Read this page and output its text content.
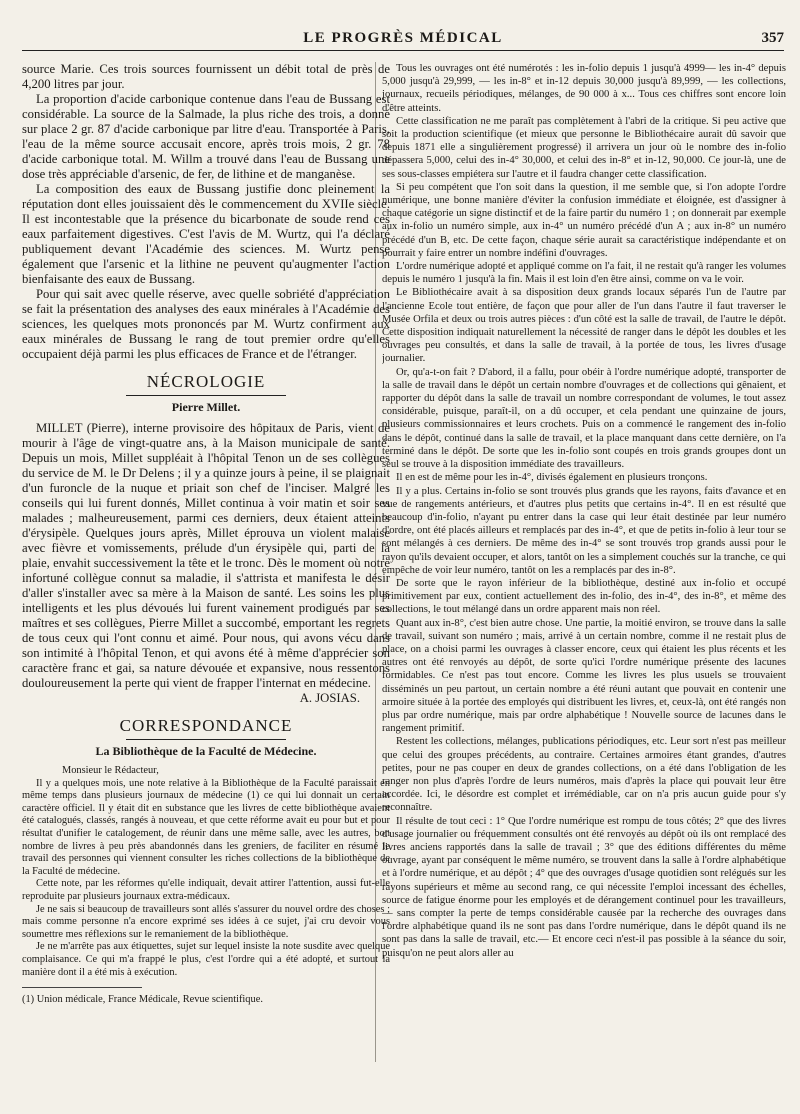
LE PROGRÈS MÉDICAL	357

source Marie. Ces trois sources fournissent un débit total de près de 4,200 litres par jour.

La proportion d'acide carbonique contenue dans l'eau de Bussang est considérable. La source de la Salmade, la plus riche des trois, a donné sur place 2 gr. 87 d'acide carbonique par litre d'eau. Transportée à Paris, l'eau de la même source accusait encore, après trois mois, 2 gr. 78 d'acide carbonique total. M. Willm a trouvé dans l'eau de Bussang une dose très appréciable d'arsenic, de fer, de lithine et de manganèse.

La composition des eaux de Bussang justifie donc pleinement la réputation dont elles jouissaient dès le commencement du XVIIe siècle. Il est incontestable que la présence du bicarbonate de soude rend ces eaux parfaitement digestives. C'est l'avis de M. Wurtz, qui l'a déclaré publiquement devant l'Académie des sciences. M. Wurtz pense également que l'arsenic et la lithine ne peuvent qu'augmenter l'action bienfaisante des eaux de Bussang.

Pour qui sait avec quelle réserve, avec quelle sobriété d'appréciation se fait la présentation des analyses des eaux minérales à l'Académie des sciences, les quelques mots prononcés par M. Wurtz confirment aux eaux minérales de Bussang le rang de tout premier ordre qu'elles occupaient déjà parmi les plus efficaces de France et de l'étranger.

NÉCROLOGIE
Pierre Millet.

MILLET (Pierre), interne provisoire des hôpitaux de Paris, vient de mourir à l'âge de vingt-quatre ans, à la Maison municipale de santé. Depuis un mois, Millet suppléait à l'hôpital Tenon un de ses collègues du service de M. le Dr Delens ; il y a quinze jours à peine, il se plaignait d'un furoncle de la nuque et priait son chef de l'inciser. Malgré les conseils qui lui furent donnés, Millet continua à voir matin et soir ses malades ; malheureusement, parmi ces derniers, deux étaient atteints d'érysipèle. Quelques jours après, Millet éprouva un violent malaise avec fièvre et vomissements, prélude d'un érysipèle qui, parti de la plaie, envahit successivement la tête et le tronc. Dès le moment où notre infortuné collègue connut sa maladie, il s'attrista et manifesta le désir d'aller s'installer avec sa mère à la Maison de santé. Les soins les plus intelligents et les plus dévoués lui furent vainement prodigués par ses maîtres et ses collègues, Pierre Millet a succombé, emportant les regrets de tous ceux qui l'ont connu et aimé. Pour nous, qui avons vécu dans son intimité à l'hôpital Tenon, et qui avons été à même d'apprécier son caractère franc et gai, sa nature dévouée et expansive, nous ressentons douloureusement la perte qui vient de frapper l'internat en médecine.

A. JOSIAS.

CORRESPONDANCE
La Bibliothèque de la Faculté de Médecine.

Monsieur le Rédacteur,

Il y a quelques mois, une note relative à la Bibliothèque de la Faculté paraissait en même temps dans plusieurs journaux de médecine (1) ce qui lui donnait un certain caractère officiel. Il y était dit en substance que les livres de cette bibliothèque avaient été catalogués, classés, rangés à nouveau, et que cette réforme avait eu pour but et pour résultat d'unifier le catalogement, de réunir dans une même salle, avec les autres, bon nombre de livres à peu près abandonnés dans les greniers, de faciliter en résumé le travail des personnes qui viennent consulter les riches collections de la bibliothèque de la Faculté de médecine.

Cette note, par les réformes qu'elle indiquait, devait attirer l'attention, aussi fut-elle reproduite par plusieurs journaux extra-médicaux.

Je ne sais si beaucoup de travailleurs sont allés s'assurer du nouvel ordre des choses ; mais comme personne n'a encore exprimé ses idées à ce sujet, j'ai cru devoir vous soumettre mes réflexions sur le remaniement de la bibliothèque.

Je ne m'arrête pas aux étiquettes, sujet sur lequel insiste la note susdite avec quelque complaisance. Ce qui m'a frappé le plus, c'est l'ordre qui a été adopté, et surtout la manière dont il a été mis à exécution.

(1) Union médicale, France Médicale, Revue scientifique.

Tous les ouvrages ont été numérotés : les in-folio depuis 1 jusqu'à 4999— les in-4° depuis 5,000 jusqu'à 29,999, — les in-8° et in-12 depuis 30,000 jusqu'à 89,999, — les collections, journaux, recueils périodiques, mélanges, de 90 000 à x... Tous ces chiffres sont encore loin d'être atteints.

Cette classification ne me paraît pas complètement à l'abri de la critique. Si peu active que soit la production scientifique (et mieux que personne le Bibliothécaire aurait dû savoir que depuis 1871 elle a singulièrement progressé) il arrivera un jour où le nombre des in-folio dépassera 5,000, celui des in-4° 30,000, et celui des in-8° et in-12, 90,000. Ce jour-là, une de ses sous-classes empiétera sur l'autre et il faudra changer cette classification.

Si peu compétent que l'on soit dans la question, il me semble que, si l'on adopte l'ordre numérique, une bonne manière d'éviter la confusion immédiate et éloignée, est d'assigner à chaque catégorie un signe distinctif et de la faire partir du numéro 1 ; on donnerait par exemple aux in-folio un numéro simple, aux in-4° un numéro précédé d'un A ; aux in-8° un numéro précédé d'un B, etc. De cette façon, chaque série aurait sa caractéristique indépendante et on pourrait y faire entrer un nombre indéfini d'ouvrages.

L'ordre numérique adopté et appliqué comme on l'a fait, il ne restait qu'à ranger les volumes depuis le numéro 1 jusqu'à la fin. Mais il est loin d'en être ainsi, comme on va le voir.

Le Bibliothécaire avait à sa disposition deux grands locaux séparés l'un de l'autre par l'ancienne Ecole tout entière, de façon que pour aller de l'un dans l'autre il faut traverser le Musée Orfila et deux ou trois autres pièces : d'un côté est la salle de travail, de l'autre le dépôt. Cette disposition indiquait naturellement la nécessité de ranger dans le dépôt les doubles et les ouvrages peu consultés, et dans la salle de travail, à la portée de tous, les livres d'usage journalier.

Or, qu'a-t-on fait ? D'abord, il a fallu, pour obéir à l'ordre numérique adopté, transporter de la salle de travail dans le dépôt un certain nombre d'ouvrages et de collections qui gênaient, et rapporter du dépôt dans la salle de travail un nombre correspondant de volumes, le tout assez considérable, puisque, paraît-il, on a dû occuper, et cela pendant une quinzaine de jours, plusieurs commissionnaires et leurs crochets. Puis on a commencé le rangement des in-folio dans le dépôt, continué dans la salle de travail, et la place manquant dans cette dernière, on l'a terminé dans le dépôt. De sorte que les in-folio sont coupés en trois grands groupes dont un seul se trouve à la disposition immédiate des travailleurs.

Il en est de même pour les in-4°, divisés également en plusieurs tronçons.

Il y a plus. Certains in-folio se sont trouvés plus grands que les rayons, faits d'avance et en vue de rangements antérieurs, et d'autres plus petits que certains in-4°. Il en est résulté que beaucoup d'in-folio, n'ayant pu entrer dans la case qui leur était destinée par leur numéro d'ordre, ont été placés ailleurs et remplacés par des in-4°, et que de petits in-folio à leur tour se sont mélangés à ces derniers. De même des in-4° se sont trouvés trop grands aussi pour le rayon qu'ils devaient occuper, et alors, tantôt on les a simplement couchés sur la tranche, ce qui empêche de voir leur numéro, tantôt on les a remplacés par des in-8°.

De sorte que le rayon inférieur de la bibliothèque, destiné aux in-folio et occupé primitivement par eux, contient actuellement des in-folio, des in-4°, des in-8°, et même des collections, le tout mélangé dans un ordre apparent mais non réel.

Quant aux in-8°, c'est bien autre chose. Une partie, la moitié environ, se trouve dans la salle de travail, suivant son numéro ; mais, arrivé à un certain nombre, comme il ne restait plus de place, on a choisi parmi les ouvrages à classer encore, ceux qui étaient les plus récents et les autres ont été renvoyés au dépôt, de sorte qu'ici l'ordre numérique présente des lacunes formidables. Ce n'est pas tout encore. Comme les livres les plus usuels se trouvaient disséminés un peu partout, un certain nombre a été réuni autant que pouvait en contenir une armoire située à la portée des employés qui distribuent les livres, et, ceux-là, ont été rangés non plus par ordre numérique, mais par ordre alphabétique ! Nouvelle source de lacunes dans le rangement primitif.

Restent les collections, mélanges, publications périodiques, etc. Leur sort n'est pas meilleur que celui des groupes précédents, au contraire. Certaines armoires étant grandes, d'autres petites, pour ne pas couper en deux de grandes collections, on a été dans l'obligation de les ranger non plus d'après l'ordre de leurs numéros, mais d'après la place qui pouvait leur être accordée. Ici, le désordre est complet et irrémédiable, car on n'a pris aucun guide pour s'y reconnaître.

Il résulte de tout ceci : 1° Que l'ordre numérique est rompu de tous côtés; 2° que des livres d'usage journalier ou fréquemment consultés ont été renvoyés au dépôt où ils ont remplacé des livres anciens rapportés dans la salle de travail ; 3° que des éditions différentes du même ouvrage, ayant par conséquent le même numéro, se trouvent dans la salle à l'ordre alphabétique et à l'ordre numérique, et au dépôt ; 4° que des ouvrages d'usage quotidien sont relégués sur les rayons supérieurs et même au second rang, ce qui nécessite l'emploi incessant des échelles, source de fatigue énorme pour les employés et de dérangement continuel pour les travailleurs, — sans compter la perte de temps considérable causée par la recherche des ouvrages dans l'ordre alphabétique quand ils ne sont pas dans l'ordre numérique, dans le dépôt quand ils ne sont pas dans la salle de travail, etc.— Et encore ceci n'est-il pas possible à la séance du soir, puisqu'on ne peut alors aller au
